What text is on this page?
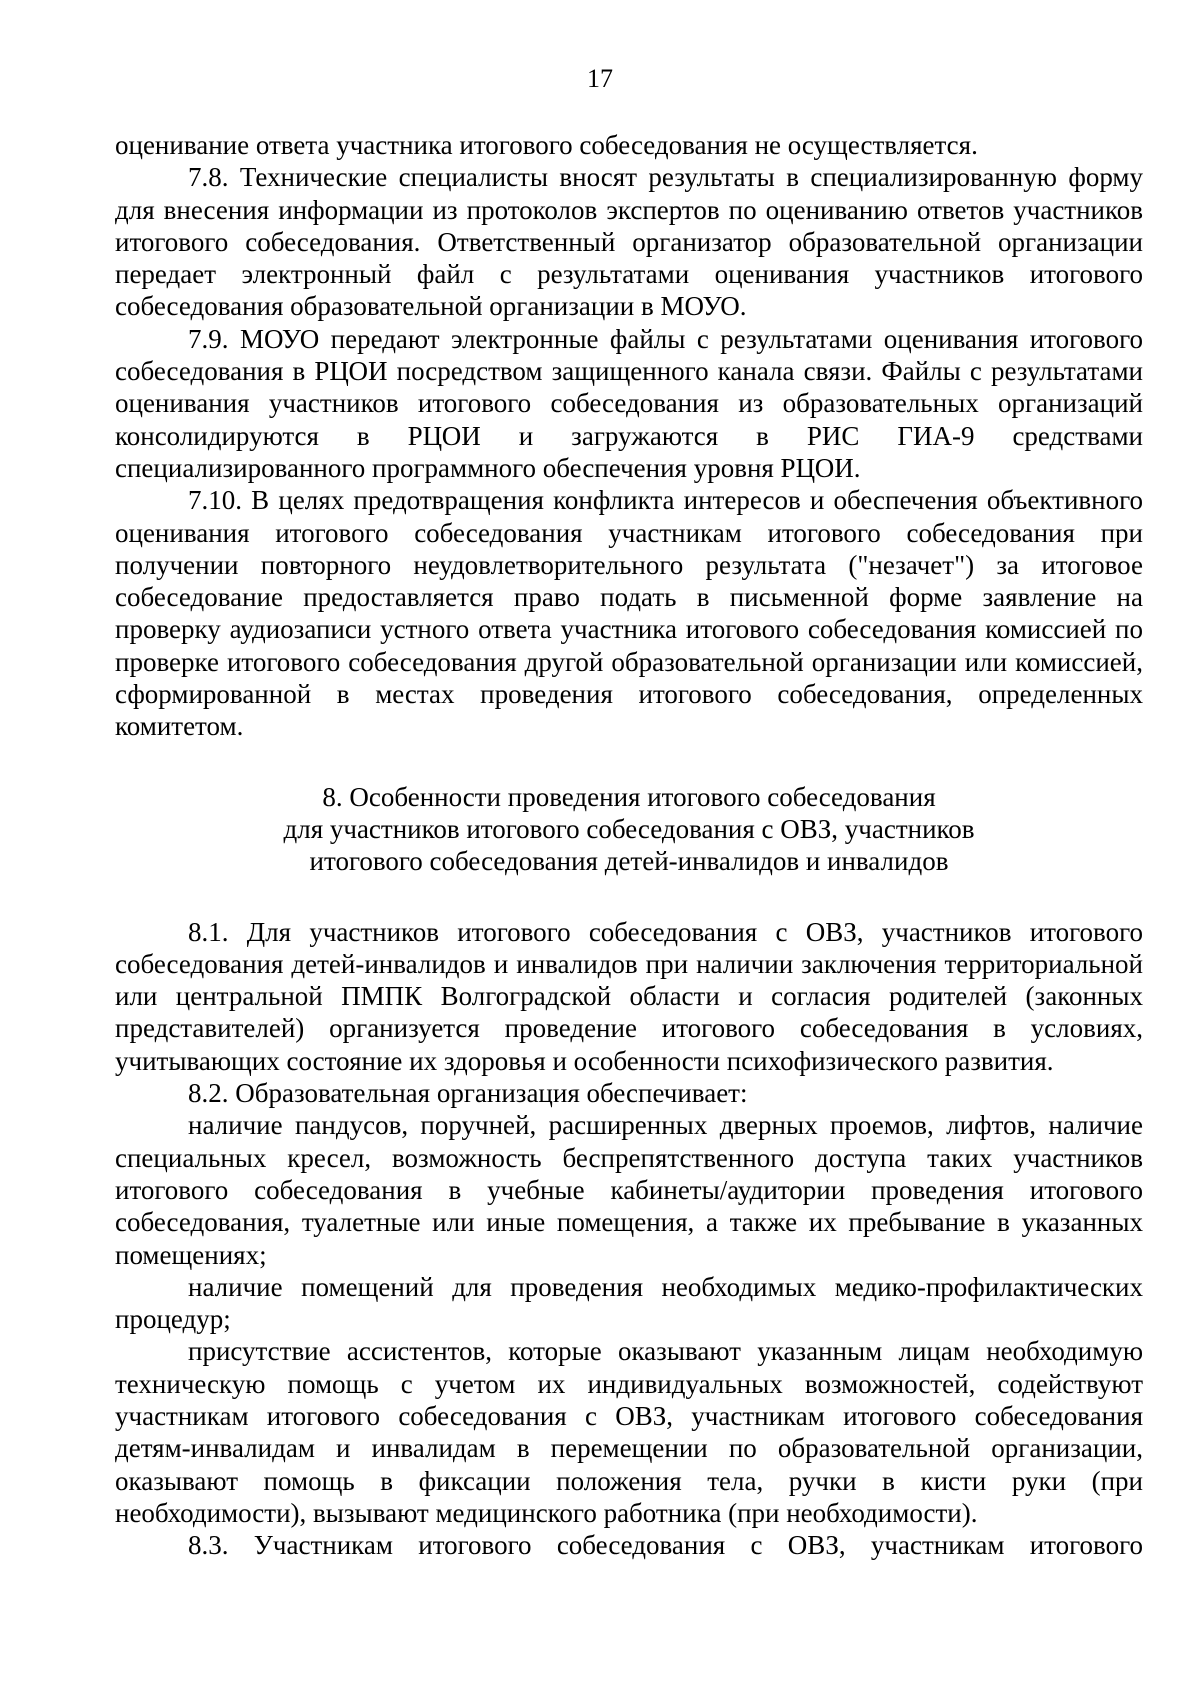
17

оценивание ответа участника итогового собеседования не осуществляется.

7.8. Технические специалисты вносят результаты в специализированную форму для внесения информации из протоколов экспертов по оцениванию ответов участников итогового собеседования. Ответственный организатор образовательной организации передает электронный файл с результатами оценивания участников итогового собеседования образовательной организации в МОУО.

7.9. МОУО передают электронные файлы с результатами оценивания итогового собеседования в РЦОИ посредством защищенного канала связи. Файлы с результатами оценивания участников итогового собеседования из образовательных организаций консолидируются в РЦОИ и загружаются в РИС ГИА-9 средствами специализированного программного обеспечения уровня РЦОИ.

7.10. В целях предотвращения конфликта интересов и обеспечения объективного оценивания итогового собеседования участникам итогового собеседования при получении повторного неудовлетворительного результата ("незачет") за итоговое собеседование предоставляется право подать в письменной форме заявление на проверку аудиозаписи устного ответа участника итогового собеседования комиссией по проверке итогового собеседования другой образовательной организации или комиссией, сформированной в местах проведения итогового собеседования, определенных комитетом.

8. Особенности проведения итогового собеседования
для участников итогового собеседования с ОВЗ, участников
итогового собеседования детей-инвалидов и инвалидов

8.1. Для участников итогового собеседования с ОВЗ, участников итогового собеседования детей-инвалидов и инвалидов при наличии заключения территориальной или центральной ПМПК Волгоградской области и согласия родителей (законных представителей) организуется проведение итогового собеседования в условиях, учитывающих состояние их здоровья и особенности психофизического развития.

8.2. Образовательная организация обеспечивает:

наличие пандусов, поручней, расширенных дверных проемов, лифтов, наличие специальных кресел, возможность беспрепятственного доступа таких участников итогового собеседования в учебные кабинеты/аудитории проведения итогового собеседования, туалетные или иные помещения, а также их пребывание в указанных помещениях;

наличие помещений для проведения необходимых медико-профилактических процедур;

присутствие ассистентов, которые оказывают указанным лицам необходимую техническую помощь с учетом их индивидуальных возможностей, содействуют участникам итогового собеседования с ОВЗ, участникам итогового собеседования детям-инвалидам и инвалидам в перемещении по образовательной организации, оказывают помощь в фиксации положения тела, ручки в кисти руки (при необходимости), вызывают медицинского работника (при необходимости).

8.3. Участникам итогового собеседования с ОВЗ, участникам итогового
